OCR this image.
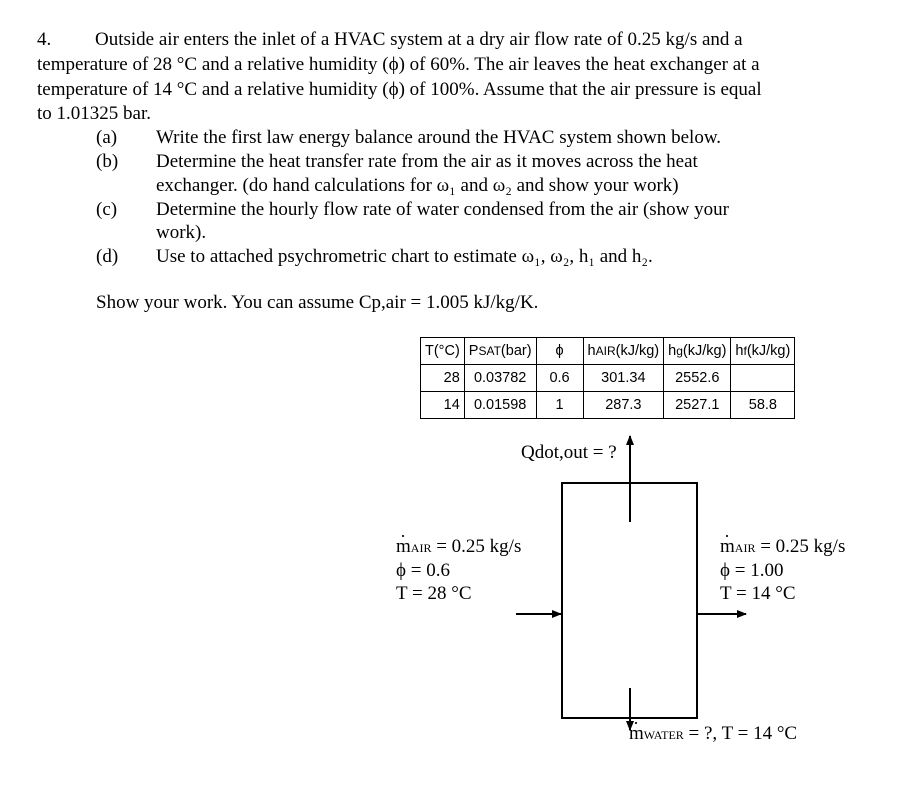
4. Outside air enters the inlet of a HVAC system at a dry air flow rate of 0.25 kg/s and a
temperature of 28 °C and a relative humidity (ϕ) of 60%. The air leaves the heat exchanger at a
temperature of 14 °C and a relative humidity (ϕ) of 100%. Assume that the air pressure is equal
to 1.01325 bar.
(a) Write the first law energy balance around the HVAC system shown below.
(b) Determine the heat transfer rate from the air as it moves across the heat
exchanger. (do hand calculations for ω₁ and ω₂ and show your work)
(c) Determine the hourly flow rate of water condensed from the air (show your
work).
(d) Use to attached psychrometric chart to estimate ω₁, ω₂, h₁ and h₂.
Show your work. You can assume Cp,air = 1.005 kJ/kg/K.
T(°C)	PSAT(bar)	ϕ	hAIR(kJ/kg)	hg(kJ/kg)	hf(kJ/kg)
28	0.03782	0.6	301.34	2552.6	
14	0.01598	1	287.3	2527.1	58.8
Qdot,out = ?
· mAIR = 0.25 kg/s
ϕ = 0.6
T = 28 °C
· mAIR = 0.25 kg/s
ϕ = 1.00
T = 14 °C
· mWATER = ?, T = 14 °C
